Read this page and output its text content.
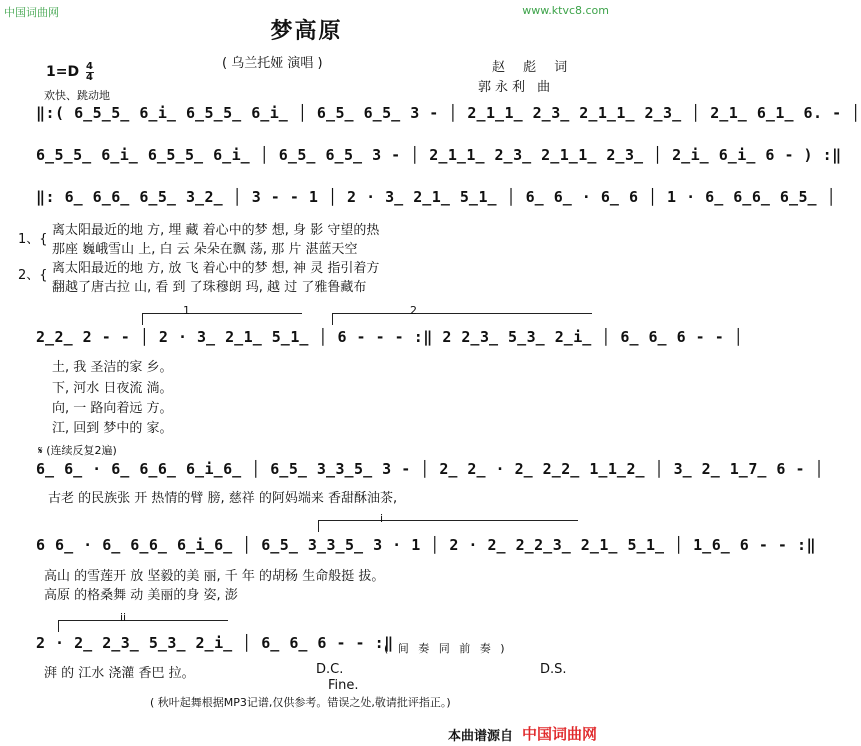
中国词曲网	www.ktvc8.com
梦高原
( 乌兰托娅 演唱 )	赵 彪 词
郭永利 曲
1=D 4
4
欢快、跳动地
‖:( 6̲5̲5̲ 6̲i̲ 6̲5̲5̲ 6̲i̲ │ 6̲5̲ 6̲5̲ 3 - │ 2̲1̲1̲ 2̲3̲ 2̲1̲1̲ 2̲3̲ │ 2̲1̲ 6̲1̲ 6. - │
6̲5̲5̲ 6̲i̲ 6̲5̲5̲ 6̲i̲ │ 6̲5̲ 6̲5̲ 3 - │ 2̲1̲1̲ 2̲3̲ 2̲1̲1̲ 2̲3̲ │ 2̲i̲ 6̲i̲ 6 - ) :‖
‖: 6̲ 6̲6̲ 6̲5̲ 3̲2̲ │ 3 - - 1 │ 2 · 3̲ 2̲1̲ 5̲1̲ │ 6̲ 6̲ · 6̲ 6 │ 1 · 6̲ 6̲6̲ 6̲5̲ │
1、{
2、{
离太阳最近的地 方, 埋 藏 着心中的梦 想, 身 影 守望的热
那座 巍峨雪山 上, 白 云 朵朵在飘 荡, 那 片 湛蓝天空
离太阳最近的地 方, 放 飞 着心中的梦 想, 神 灵 指引着方
翻越了唐古拉 山, 看 到 了珠穆朗 玛, 越 过 了雅鲁藏布
1	2
2̲2̲ 2 - - │ 2 · 3̲ 2̲1̲ 5̲1̲ │ 6 - - - :‖ 2 2̲3̲ 5̲3̲ 2̲i̲ │ 6̲ 6̲ 6 - - │
土, 我 圣洁的家 乡。
下, 河水 日夜流 淌。
向, 一 路向着远 方。
江, 回到 梦中的 家。
𝄋 (连续反复2遍)
6̲ 6̲ · 6̲ 6̲6̲ 6̲i̲6̲ │ 6̲5̲ 3̲3̲5̲ 3 - │ 2̲ 2̲ · 2̲ 2̲2̲ 1̲1̲2̲ │ 3̲ 2̲ 1̲7̲ 6 - │
古老 的民族张 开 热情的臂 膀, 慈祥 的阿妈端来 香甜酥油茶,
i
6 6̲ · 6̲ 6̲6̲ 6̲i̲6̲ │ 6̲5̲ 3̲3̲5̲ 3 · 1 │ 2 · 2̲ 2̲2̲3̲ 2̲1̲ 5̲1̲ │ 1̲6̲ 6 - - :‖
高山 的雪莲开 放 坚毅的美 丽, 千 年 的胡杨 生命般挺 拔。
高原 的格桑舞 动 美丽的身 姿, 澎
ii
2 · 2̲ 2̲3̲ 5̲3̲ 2̲i̲ │ 6̲ 6̲ 6 - - :‖
( 间 奏 同 前 奏 )
湃 的 江水 浇灌 香巴 拉。	D.C.
Fine.
D.S.
( 秋叶起舞根据MP3记谱,仅供参考。错误之处,敬请批评指正。)
本曲谱源自 中国词曲网
